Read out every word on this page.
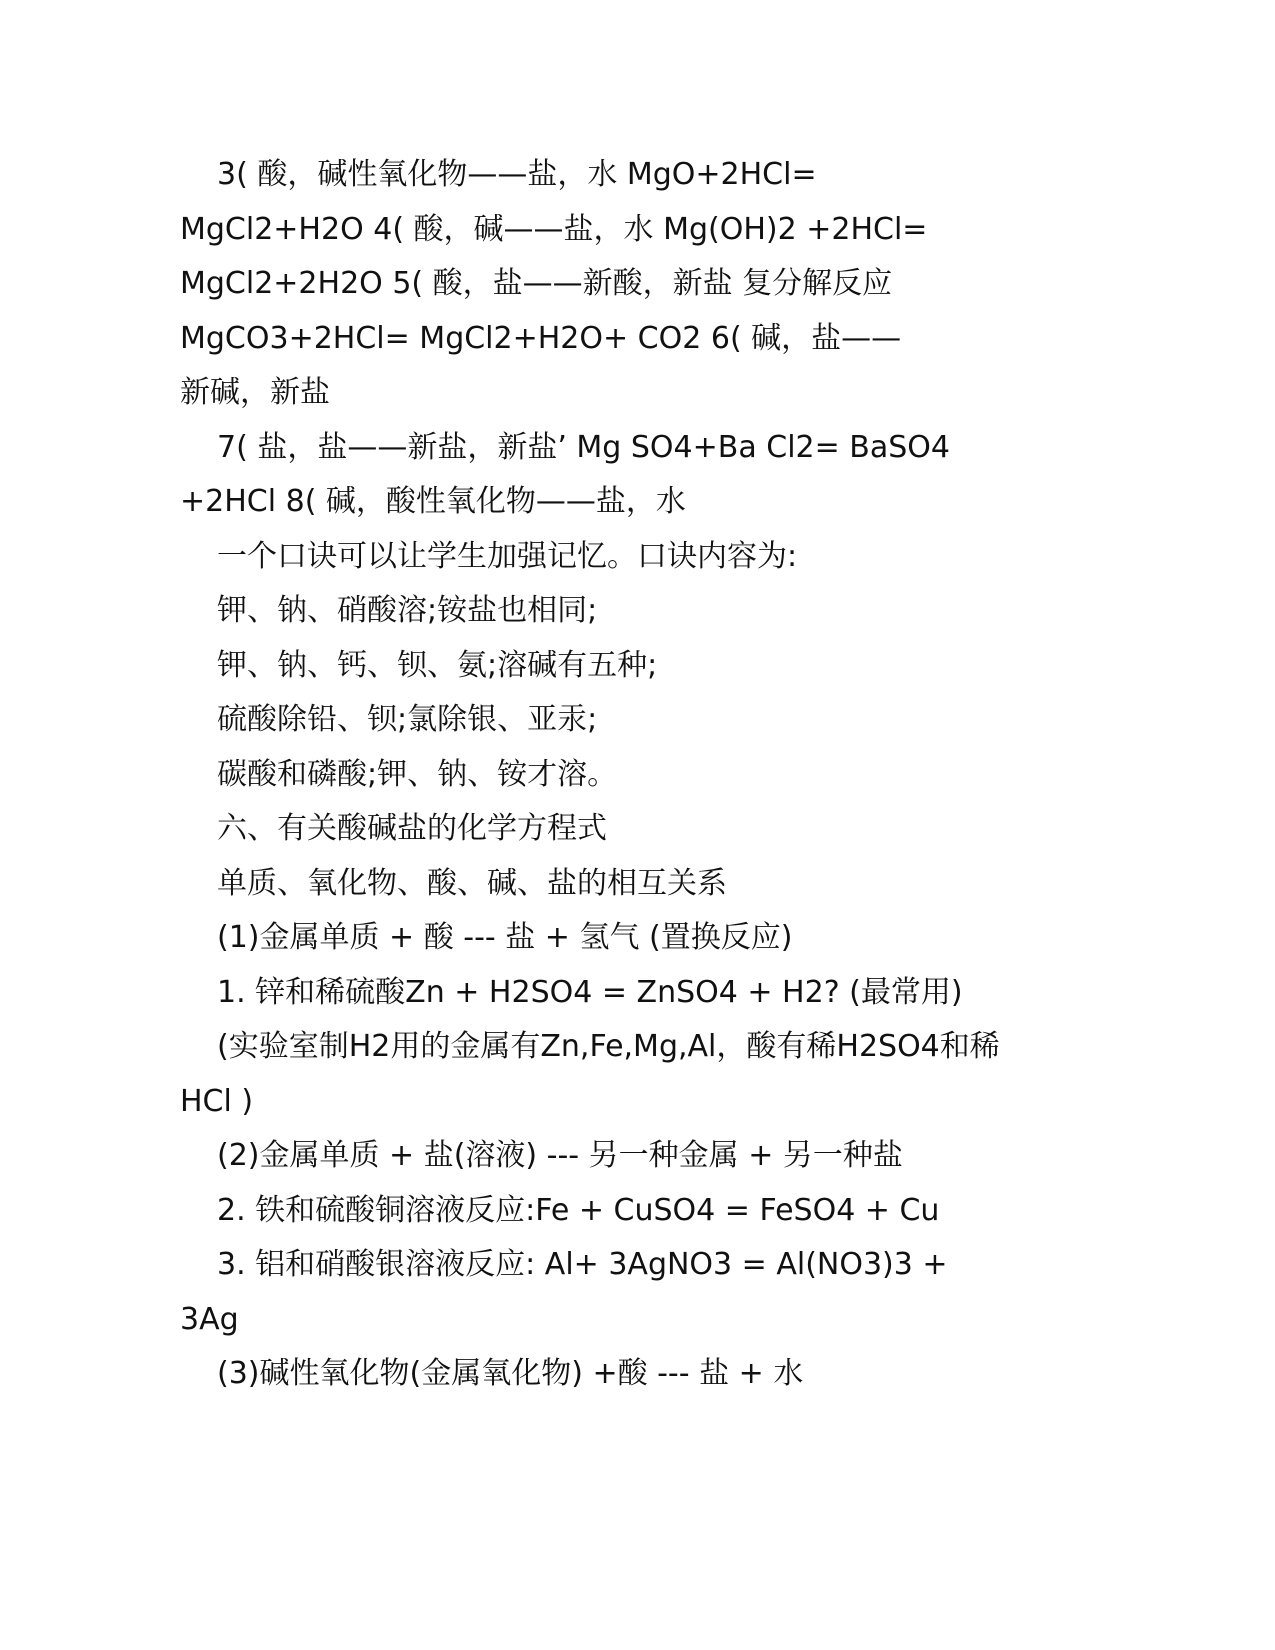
3( 酸，碱性氧化物——盐，水 MgO+2HCl=
MgCl2+H2O 4( 酸，碱——盐，水 Mg(OH)2 +2HCl=
MgCl2+2H2O 5( 酸，盐——新酸，新盐 复分解反应
MgCO3+2HCl= MgCl2+H2O+ CO2 6( 碱，盐——
新碱，新盐
7( 盐，盐——新盐，新盐’ Mg SO4+Ba Cl2= BaSO4
+2HCl 8( 碱，酸性氧化物——盐，水
一个口诀可以让学生加强记忆。口诀内容为:
钾、钠、硝酸溶;铵盐也相同;
钾、钠、钙、钡、氨;溶碱有五种;
硫酸除铅、钡;氯除银、亚汞;
碳酸和磷酸;钾、钠、铵才溶。
六、有关酸碱盐的化学方程式
单质、氧化物、酸、碱、盐的相互关系
(1)金属单质 + 酸 --- 盐 + 氢气 (置换反应)
1. 锌和稀硫酸Zn + H2SO4 = ZnSO4 + H2? (最常用)
(实验室制H2用的金属有Zn,Fe,Mg,Al，酸有稀H2SO4和稀
HCl )
(2)金属单质 + 盐(溶液) --- 另一种金属 + 另一种盐
2. 铁和硫酸铜溶液反应:Fe + CuSO4 = FeSO4 + Cu
3. 铝和硝酸银溶液反应: Al+ 3AgNO3 = Al(NO3)3 +
3Ag
(3)碱性氧化物(金属氧化物) +酸 --- 盐 + 水
